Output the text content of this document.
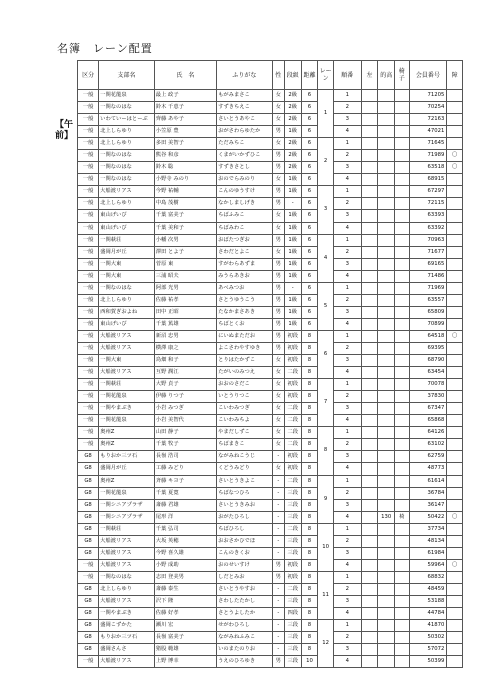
名簿　レーン配置
【午前】
区分	支部名	氏　名	ふりがな	性	段級	距離	レーン	順番	左	的高	椅子	会員番号	障
一般	一関花龍泉	最上 政子	もがみまさこ	女	2級	6	1	1				71205	
一般	一関なのはな	鈴木 千恵子	すずきちえこ	女	2級	6		2				70254	
一般	いわていーはとーぶ	齊藤 あや子	さいとうあやこ	女	2級	6		3				72163	
一般	北上しらゆり	小笠原 豊	おがさわらゆたか	男	1級	6		4				47021	
一般	北上しらゆり	多田 美智子	ただみちこ	女	2級	6	2	1				71645	
一般	一関なのはな	熊谷 和彦	くまがいかずひこ	男	2級	6		2				71989	〇
一般	一関なのはな	鈴木 聡	すずきさとし	男	2級	6		3				63518	〇
一般	一関なのはな	小野寺 みのり	おのでらみのり	女	1級	6		4				68915	
一般	大船渡リアス	今野 祐輔	こんのゆうすけ	男	1級	6	3	1				67297	
一般	北上しらゆり	中島 茂樹	なかしましげき	男	-	6		2				72115	
一般	東山げいび	千葉 富美子	ちばふみこ	女	1級	6		3				63393	
一般	東山げいび	千葉 美和子	ちばみわこ	女	1級	6		4				63392	
一般	一関萩荘	小幡 次男	おばたつぎお	男	1級	6	4	1				70963	
一般	盛岡月が丘	澤田 とよ子	さわだとよこ	女	1級	6		2				71677	
一般	一関大東	菅原 東	すがわらあずま	男	1級	6		3				69165	
一般	一関大東	三浦 昭夫	みうらあきお	男	1級	6		4				71486	
一般	一関なのはな	阿部 光男	あべみつお	男	-	6	5	1				71969	
一般	北上しらゆり	佐藤 祐孝	さとうゆうこう	男	1級	6		2				63557	
一般	西和賀ぎおよね	田中 正昭	たなかまさあき	男	1級	6		3				65809	
一般	東山げいび	千葉 篤雄	ちばとくお	男	1級	6		4				70899	
一般	大船渡リアス	新沼 忠男	にいぬまただお	男	初段	8	6	1				64518	〇
一般	大船渡リアス	横澤 康之	よこさわやすゆき	男	初段	8		2				69395	
一般	一関大東	鳥畑 和子	とりはたかずこ	女	初段	8		3				68790	
一般	大船渡リアス	互野 潤江	たがいのみつえ	女	二段	8		4				63454	
一般	一関萩荘	大野 貞子	おおのさだこ	女	初段	8	7	1				70078	
一般	一関花龍泉	伊藤 りつ子	いとうりつこ	女	初段	8		2				37830	
一般	一関やまぶき	小岩 みつぎ	こいわみつぎ	女	二段	8		3				67347	
一般	一関花龍泉	小岩 美智代	こいわみちよ	女	二段	8		4				65868	
一般	奥州Z	山田 静子	やまだしずこ	女	二段	8	8	1				64126	
一般	奥州Z	千葉 牧子	ちばまきこ	女	二段	8		2				63102	
G8	もりおか三ツ石	長嶺 浩司	ながみねこうじ	-	初段	8		3				62759	
G8	盛岡月が丘	工藤 みどり	くどうみどり	女	初段	8		4				48773	
G8	奥州Z	斉藤 キヨ子	さいとうきよこ	-	二段	8	9	1				61614	
G8	一関花龍泉	千葉 夏寛	ちばなつひろ	-	三段	8		2				36784	
G8	一関シニアプラザ	斎藤 君雄	さいとうきみお	-	三段	8		3				36147	
G8	一関シニアプラザ	尾形 洋	おがたひろし	-	三段	8		4		130	椅	50422	〇
G8	一関萩荘	千葉 弘司	ちばひろし	-	二段	8	10	1				37734	
G8	大船渡リアス	大坂 英穂	おおさかひでほ	-	三段	8		2				48134	
G8	大船渡リアス	今野 喜久雄	こんのきくお	-	三段	8		3				61984	
一般	大船渡リアス	小野 成助	おのせいすけ	男	初段	8		4				59964	〇
一般	一関なのはな	志田 登美男	しだとみお	男	初段	8	11	1				68832	
G8	北上しらゆり	斎藤 泰生	さいとうやすお	-	二段	8		2				48459	
G8	大船渡リアス	沢下 隆	さわしたたかし	-	三段	8		3				53188	
G8	一関やまぶき	佐藤 好孝	さとうよしたか	-	四段	8		4				44784	
G8	盛岡こずかた	瀬川 宏	せがわひろし	-	三段	8	12	1				41870	
G8	もりおか三ツ石	長嶺 富美子	ながみねふみこ	-	三段	8		2				50302	
G8	盛岡さんさ	猪股 範雄	いのまたのりお	-	三段	8		3				57072	
一般	大船渡リアス	上野 博幸	うえのひろゆき	男	三段	10		4				50399	
